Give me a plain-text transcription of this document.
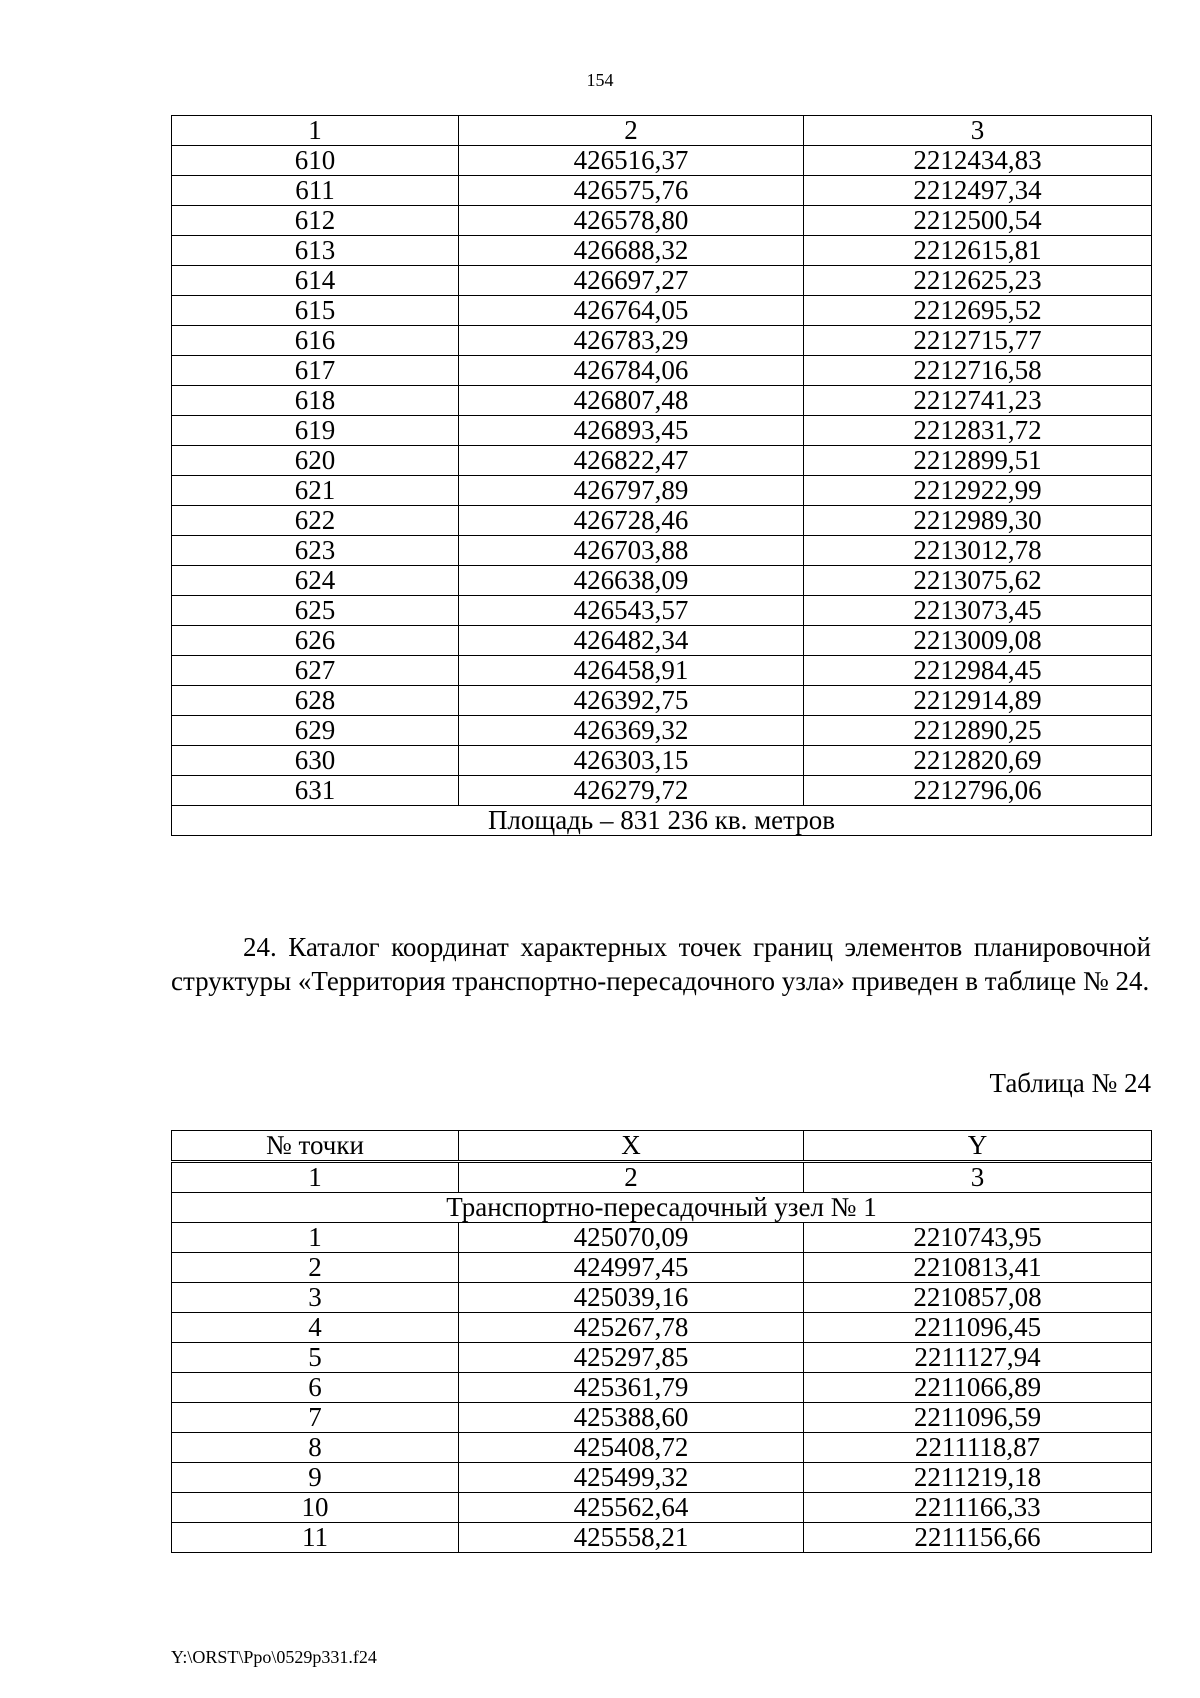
154
1	2	3
610	426516,37	2212434,83
611	426575,76	2212497,34
612	426578,80	2212500,54
613	426688,32	2212615,81
614	426697,27	2212625,23
615	426764,05	2212695,52
616	426783,29	2212715,77
617	426784,06	2212716,58
618	426807,48	2212741,23
619	426893,45	2212831,72
620	426822,47	2212899,51
621	426797,89	2212922,99
622	426728,46	2212989,30
623	426703,88	2213012,78
624	426638,09	2213075,62
625	426543,57	2213073,45
626	426482,34	2213009,08
627	426458,91	2212984,45
628	426392,75	2212914,89
629	426369,32	2212890,25
630	426303,15	2212820,69
631	426279,72	2212796,06
Площадь – 831 236 кв. метров		
24. Каталог координат характерных точек границ элементов планировочной структуры «Территория транспортно-пересадочного узла» приведен в таблице № 24.
Таблица № 24
№ точки	X	Y
1	2	3
Транспортно-пересадочный узел № 1		
1	425070,09	2210743,95
2	424997,45	2210813,41
3	425039,16	2210857,08
4	425267,78	2211096,45
5	425297,85	2211127,94
6	425361,79	2211066,89
7	425388,60	2211096,59
8	425408,72	2211118,87
9	425499,32	2211219,18
10	425562,64	2211166,33
11	425558,21	2211156,66
Y:\ORST\Ppo\0529p331.f24
